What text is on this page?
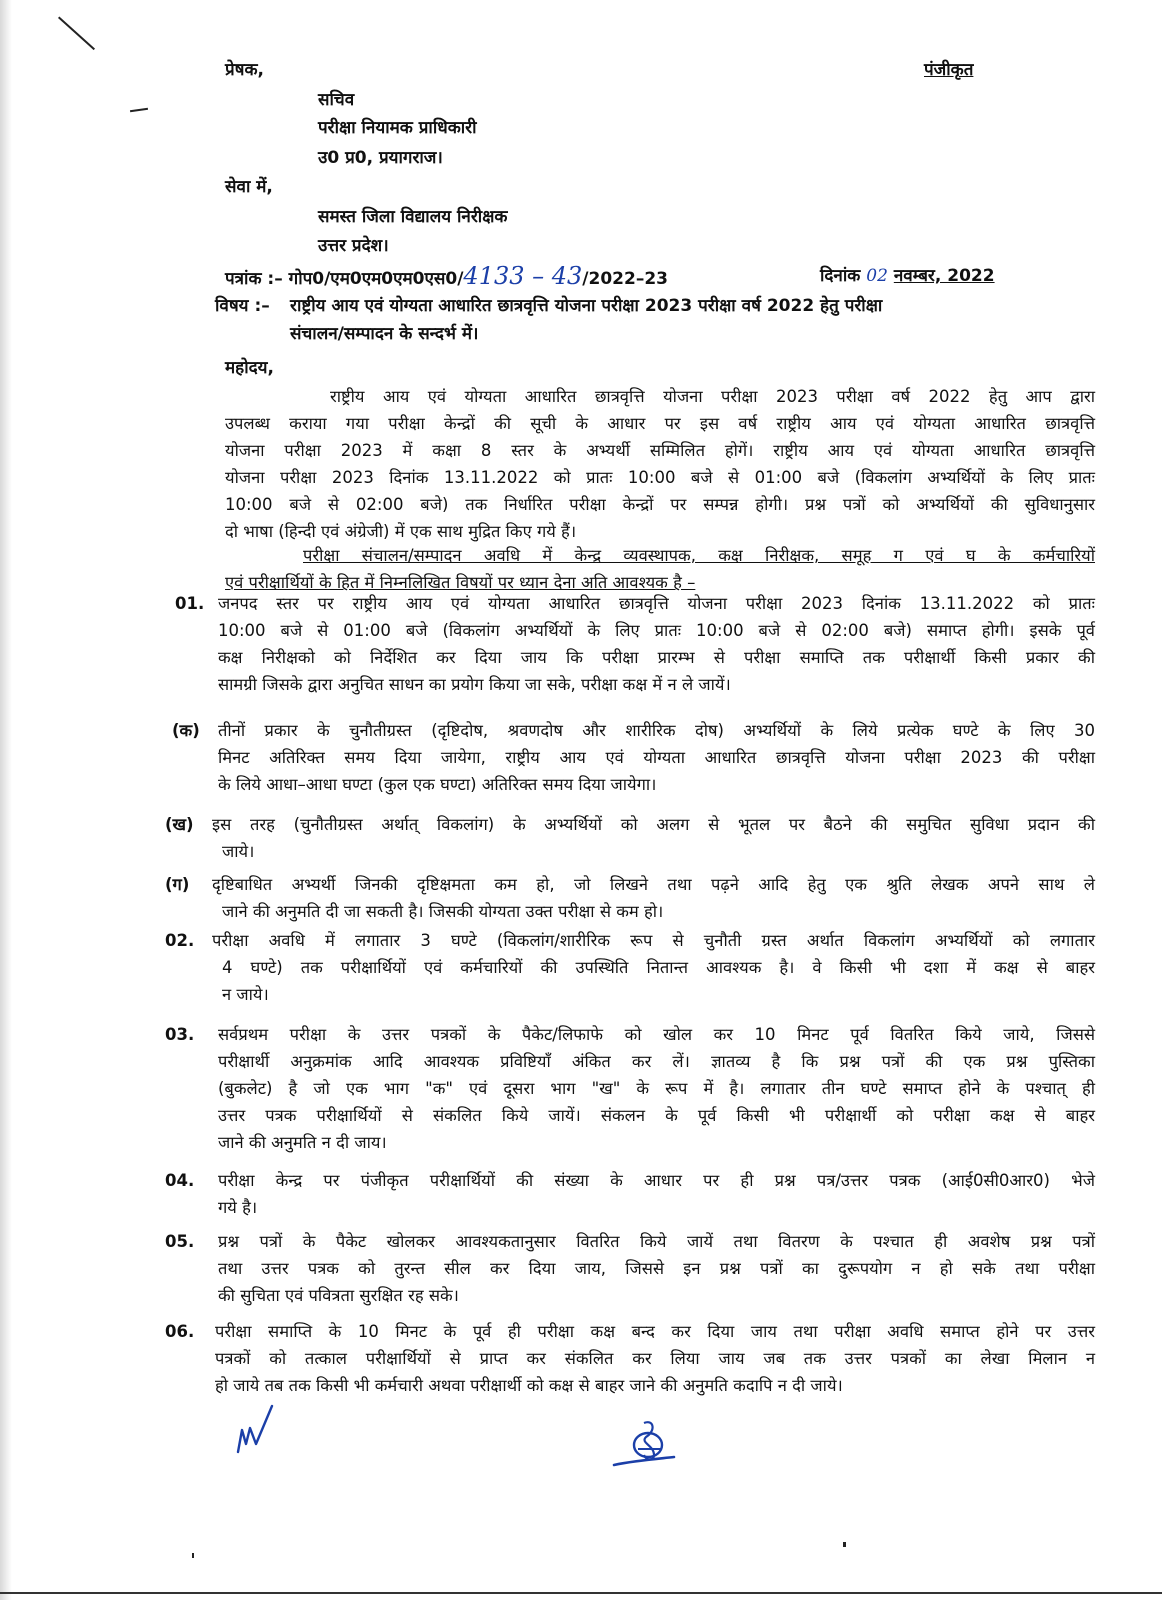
प्रेषक,	पंजीकृत
सचिव
परीक्षा नियामक प्राधिकारी
उ0 प्र0, प्रयागराज।
सेवा में,
समस्त जिला विद्यालय निरीक्षक
उत्तर प्रदेश।
पत्रांक :– गोप0/एम0एम0एम0एस0/4133 – 43/2022–23	दिनांक 02 नवम्बर, 2022
विषय :– राष्ट्रीय आय एवं योग्यता आधारित छात्रवृत्ति योजना परीक्षा 2023 परीक्षा वर्ष 2022 हेतु परीक्षा
संचालन/सम्पादन के सन्दर्भ में।
महोदय,
राष्ट्रीय आय एवं योग्यता आधारित छात्रवृत्ति योजना परीक्षा 2023 परीक्षा वर्ष 2022 हेतु आप द्वारा
उपलब्ध कराया गया परीक्षा केन्द्रों की सूची के आधार पर इस वर्ष राष्ट्रीय आय एवं योग्यता आधारित छात्रवृत्ति
योजना परीक्षा 2023 में कक्षा 8 स्तर के अभ्यर्थी सम्मिलित होगें। राष्ट्रीय आय एवं योग्यता आधारित छात्रवृत्ति
योजना परीक्षा 2023 दिनांक 13.11.2022 को प्रातः 10:00 बजे से 01:00 बजे (विकलांग अभ्यर्थियों के लिए प्रातः
10:00 बजे से 02:00 बजे) तक निर्धारित परीक्षा केन्द्रों पर सम्पन्न होगी। प्रश्न पत्रों को अभ्यर्थियों की सुविधानुसार
दो भाषा (हिन्दी एवं अंग्रेजी) में एक साथ मुद्रित किए गये हैं।
परीक्षा संचालन/सम्पादन अवधि में केन्द्र व्यवस्थापक, कक्ष निरीक्षक, समूह ग एवं घ के कर्मचारियों
एवं परीक्षार्थियों के हित में निम्नलिखित विषयों पर ध्यान देना अति आवश्यक है –
01. जनपद स्तर पर राष्ट्रीय आय एवं योग्यता आधारित छात्रवृत्ति योजना परीक्षा 2023 दिनांक 13.11.2022 को प्रातः
10:00 बजे से 01:00 बजे (विकलांग अभ्यर्थियों के लिए प्रातः 10:00 बजे से 02:00 बजे) समाप्त होगी। इसके पूर्व
कक्ष निरीक्षको को निर्देशित कर दिया जाय कि परीक्षा प्रारम्भ से परीक्षा समाप्ति तक परीक्षार्थी किसी प्रकार की
सामग्री जिसके द्वारा अनुचित साधन का प्रयोग किया जा सके, परीक्षा कक्ष में न ले जायें।
(क) तीनों प्रकार के चुनौतीग्रस्त (दृष्टिदोष, श्रवणदोष और शारीरिक दोष) अभ्यर्थियों के लिये प्रत्येक घण्टे के लिए 30
मिनट अतिरिक्त समय दिया जायेगा, राष्ट्रीय आय एवं योग्यता आधारित छात्रवृत्ति योजना परीक्षा 2023 की परीक्षा
के लिये आधा–आधा घण्टा (कुल एक घण्टा) अतिरिक्त समय दिया जायेगा।
(ख) इस तरह (चुनौतीग्रस्त अर्थात् विकलांग) के अभ्यर्थियों को अलग से भूतल पर बैठने की समुचित सुविधा प्रदान की
जाये।
(ग) दृष्टिबाधित अभ्यर्थी जिनकी दृष्टिक्षमता कम हो, जो लिखने तथा पढ़ने आदि हेतु एक श्रुति लेखक अपने साथ ले
जाने की अनुमति दी जा सकती है। जिसकी योग्यता उक्त परीक्षा से कम हो।
02. परीक्षा अवधि में लगातार 3 घण्टे (विकलांग/शारीरिक रूप से चुनौती ग्रस्त अर्थात विकलांग अभ्यर्थियों को लगातार
4 घण्टे) तक परीक्षार्थियों एवं कर्मचारियों की उपस्थिति नितान्त आवश्यक है। वे किसी भी दशा में कक्ष से बाहर
न जाये।
03. सर्वप्रथम परीक्षा के उत्तर पत्रकों के पैकेट/लिफाफे को खोल कर 10 मिनट पूर्व वितरित किये जाये, जिससे
परीक्षार्थी अनुक्रमांक आदि आवश्यक प्रविष्टियॉं अंकित कर लें। ज्ञातव्य है कि प्रश्न पत्रों की एक प्रश्न पुस्तिका
(बुकलेट) है जो एक भाग "क" एवं दूसरा भाग "ख" के रूप में है। लगातार तीन घण्टे समाप्त होने के पश्चात् ही
उत्तर पत्रक परीक्षार्थियों से संकलित किये जायें। संकलन के पूर्व किसी भी परीक्षार्थी को परीक्षा कक्ष से बाहर
जाने की अनुमति न दी जाय।
04. परीक्षा केन्द्र पर पंजीकृत परीक्षार्थियों की संख्या के आधार पर ही प्रश्न पत्र/उत्तर पत्रक (आई0सी0आर0) भेजे
गये है।
05. प्रश्न पत्रों के पैकेट खोलकर आवश्यकतानुसार वितरित किये जायें तथा वितरण के पश्चात ही अवशेष प्रश्न पत्रों
तथा उत्तर पत्रक को तुरन्त सील कर दिया जाय, जिससे इन प्रश्न पत्रों का दुरूपयोग न हो सके तथा परीक्षा
की सुचिता एवं पवित्रता सुरक्षित रह सके।
06. परीक्षा समाप्ति के 10 मिनट के पूर्व ही परीक्षा कक्ष बन्द कर दिया जाय तथा परीक्षा अवधि समाप्त होने पर उत्तर
पत्रकों को तत्काल परीक्षार्थियों से प्राप्त कर संकलित कर लिया जाय जब तक उत्तर पत्रकों का लेखा मिलान न
हो जाये तब तक किसी भी कर्मचारी अथवा परीक्षार्थी को कक्ष से बाहर जाने की अनुमति कदापि न दी जाये।
